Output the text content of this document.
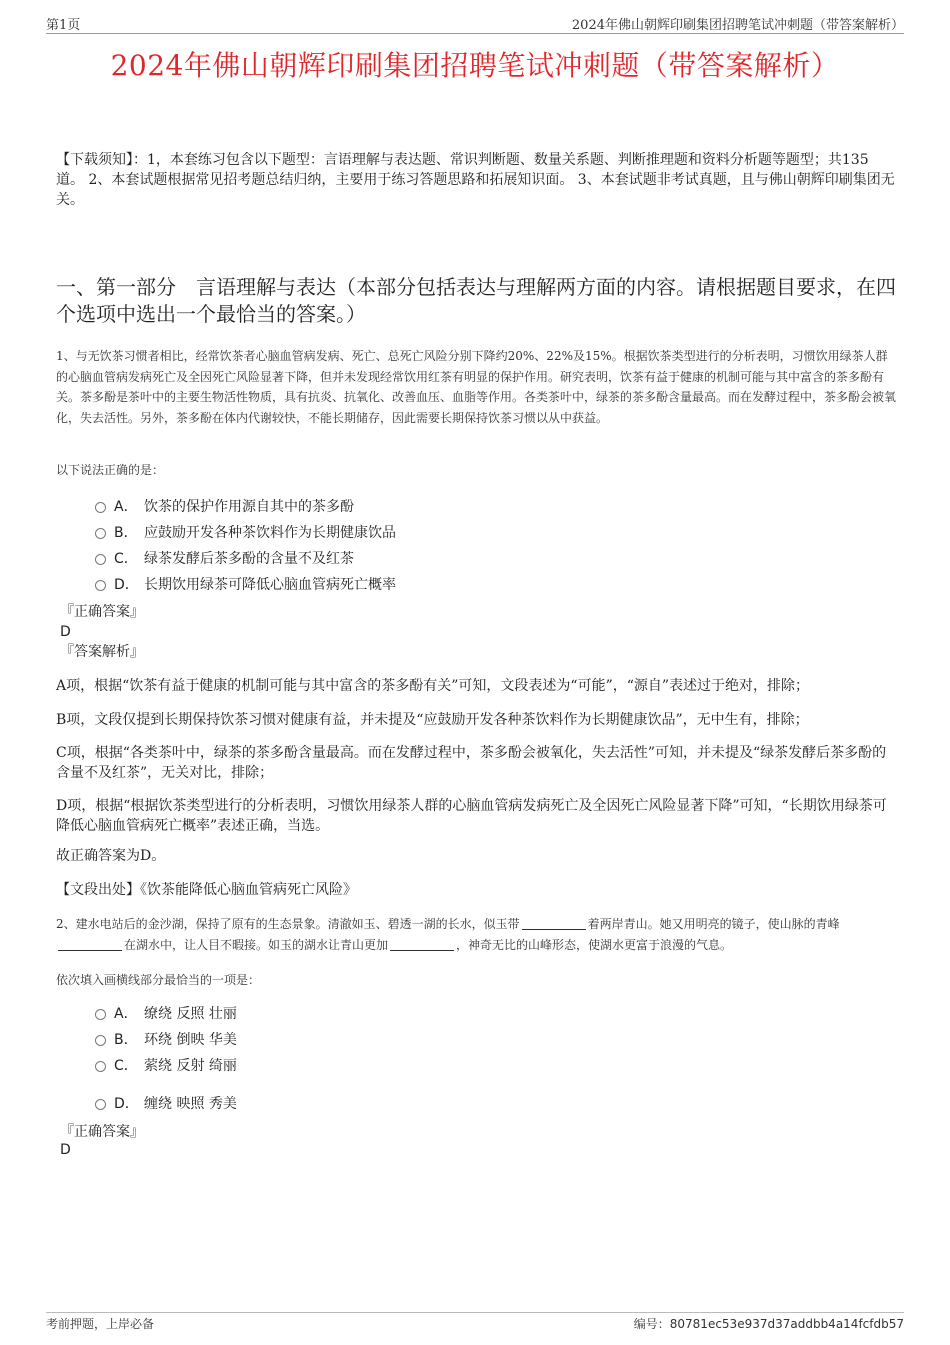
第1页	2024年佛山朝辉印刷集团招聘笔试冲刺题（带答案解析）
2024年佛山朝辉印刷集团招聘笔试冲刺题（带答案解析）
【下载须知】：1，本套练习包含以下题型：言语理解与表达题、常识判断题、数量关系题、判断推理题和资料分析题等题型；共135道。 2、本套试题根据常见招考题总结归纳，主要用于练习答题思路和拓展知识面。 3、本套试题非考试真题，且与佛山朝辉印刷集团无关。
一、第一部分　言语理解与表达（本部分包括表达与理解两方面的内容。请根据题目要求，在四个选项中选出一个最恰当的答案。）
1、与无饮茶习惯者相比，经常饮茶者心脑血管病发病、死亡、总死亡风险分别下降约20%、22%及15%。根据饮茶类型进行的分析表明，习惯饮用绿茶人群的心脑血管病发病死亡及全因死亡风险显著下降，但并未发现经常饮用红茶有明显的保护作用。研究表明，饮茶有益于健康的机制可能与其中富含的茶多酚有关。茶多酚是茶叶中的主要生物活性物质，具有抗炎、抗氧化、改善血压、血脂等作用。各类茶叶中，绿茶的茶多酚含量最高。而在发酵过程中，茶多酚会被氧化，失去活性。另外，茶多酚在体内代谢较快，不能长期储存，因此需要长期保持饮茶习惯以从中获益。
以下说法正确的是：
A． 饮茶的保护作用源自其中的茶多酚
B． 应鼓励开发各种茶饮料作为长期健康饮品
C． 绿茶发酵后茶多酚的含量不及红茶
D． 长期饮用绿茶可降低心脑血管病死亡概率
『正确答案』
D
『答案解析』
A项，根据“饮茶有益于健康的机制可能与其中富含的茶多酚有关”可知，文段表述为“可能”，“源自”表述过于绝对，排除；
B项，文段仅提到长期保持饮茶习惯对健康有益，并未提及“应鼓励开发各种茶饮料作为长期健康饮品”，无中生有，排除；
C项，根据“各类茶叶中，绿茶的茶多酚含量最高。而在发酵过程中，茶多酚会被氧化，失去活性”可知，并未提及“绿茶发酵后茶多酚的含量不及红茶”，无关对比，排除；
D项，根据“根据饮茶类型进行的分析表明，习惯饮用绿茶人群的心脑血管病发病死亡及全因死亡风险显著下降”可知，“长期饮用绿茶可降低心脑血管病死亡概率”表述正确，当选。
故正确答案为D。
【文段出处】《饮茶能降低心脑血管病死亡风险》
2、建水电站后的金沙湖，保持了原有的生态景象。清澈如玉、碧透一湖的长水，似玉带	着两岸青山。她又用明亮的镜子，使山脉的青峰在湖水中，让人目不暇接。如玉的湖水让青山更加	，神奇无比的山峰形态，使湖水更富于浪漫的气息。
依次填入画横线部分最恰当的一项是：
A． 缭绕 反照 壮丽
B． 环绕 倒映 华美
C． 萦绕 反射 绮丽
D． 缠绕 映照 秀美
『正确答案』
D
考前押题，上岸必备	编号：80781ec53e937d37addbb4a14fcfdb57
